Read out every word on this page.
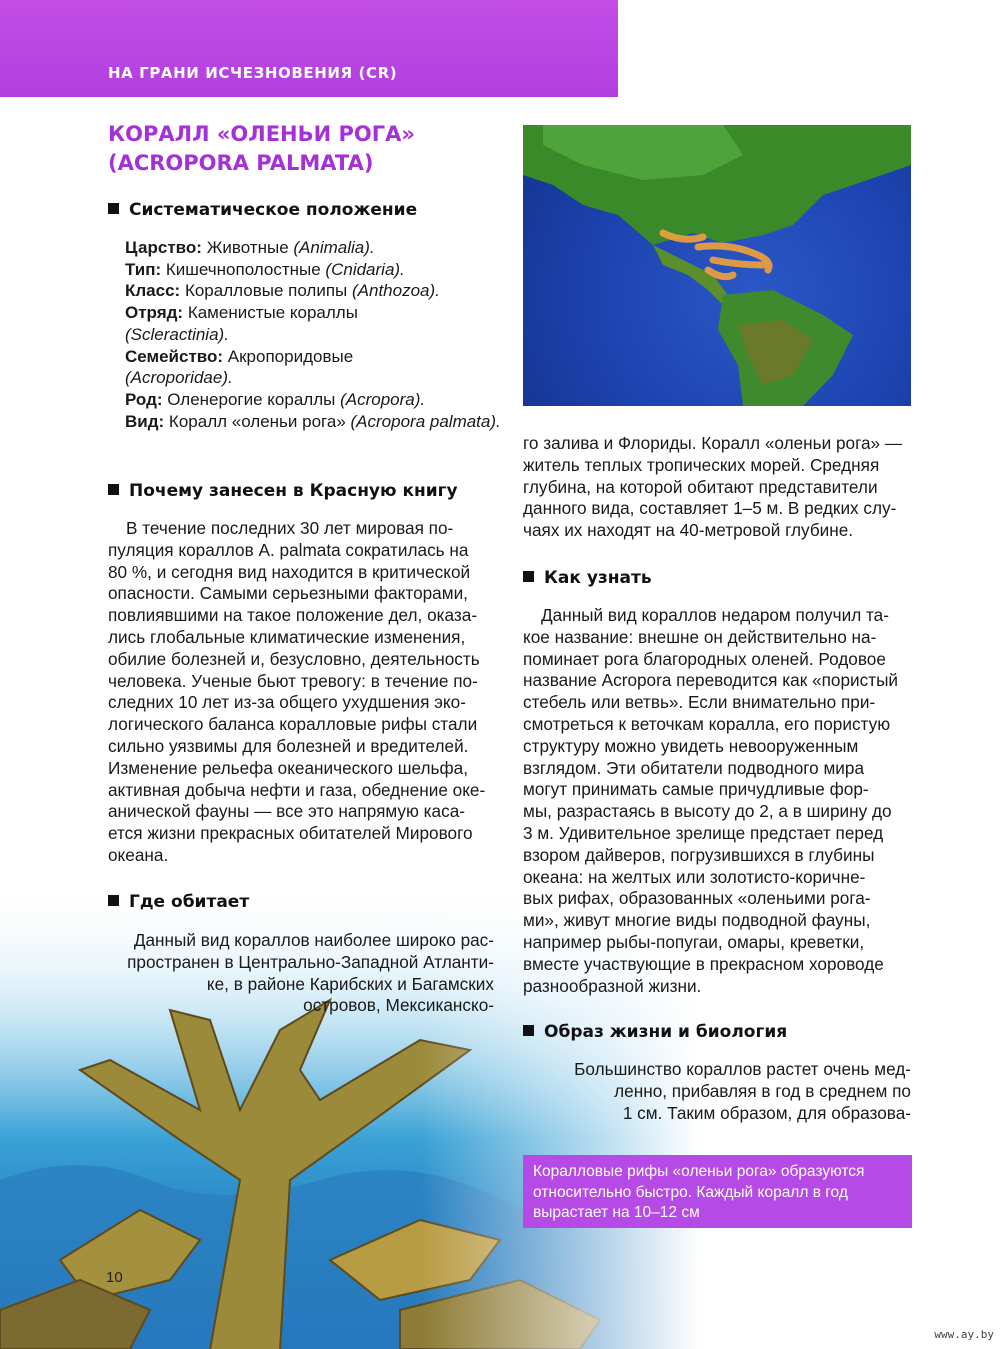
НА ГРАНИ ИСЧЕЗНОВЕНИЯ (CR)
КОРАЛЛ «ОЛЕНЬИ РОГА»
(ACROPORA PALMATA)
Систематическое положение
Царство: Животные (Animalia).
Тип: Кишечнополостные (Cnidaria).
Класс: Коралловые полипы (Anthozoa).
Отряд: Каменистые кораллы
(Scleractinia).
Семейство: Акропоридовые
(Acroporidae).
Род: Оленерогие кораллы (Acropora).
Вид: Коралл «оленьи рога» (Acropora palmata).
Почему занесен в Красную книгу
В течение последних 30 лет мировая по-
пуляция кораллов A. palmata сократилась на
80 %, и сегодня вид находится в критической
опасности. Самыми серьезными факторами,
повлиявшими на такое положение дел, оказа-
лись глобальные климатические изменения,
обилие болезней и, безусловно, деятельность
человека. Ученые бьют тревогу: в течение по-
следних 10 лет из-за общего ухудшения эко-
логического баланса коралловые рифы стали
сильно уязвимы для болезней и вредителей.
Изменение рельефа океанического шельфа,
активная добыча нефти и газа, обеднение оке-
анической фауны — все это напрямую каса-
ется жизни прекрасных обитателей Мирового
океана.
Где обитает
Данный вид кораллов наиболее широко рас-
пространен в Центрально-Западной Атланти-
ке, в районе Карибских и Багамских
островов, Мексиканско-
го залива и Флориды. Коралл «оленьи рога» —
житель теплых тропических морей. Средняя
глубина, на которой обитают представители
данного вида, составляет 1–5 м. В редких слу-
чаях их находят на 40-метровой глубине.
Как узнать
Данный вид кораллов недаром получил та-
кое название: внешне он действительно на-
поминает рога благородных оленей. Родовое
название Acropora переводится как «пористый
стебель или ветвь». Если внимательно при-
смотреться к веточкам коралла, его пористую
структуру можно увидеть невооруженным
взглядом. Эти обитатели подводного мира
могут принимать самые причудливые фор-
мы, разрастаясь в высоту до 2, а в ширину до
3 м. Удивительное зрелище предстает перед
взором дайверов, погрузившихся в глубины
океана: на желтых или золотисто-коричне-
вых рифах, образованных «оленьими рога-
ми», живут многие виды подводной фауны,
например рыбы-попугаи, омары, креветки,
вместе участвующие в прекрасном хороводе
разнообразной жизни.
Образ жизни и биология
Большинство кораллов растет очень мед-
ленно, прибавляя в год в среднем по
1 см. Таким образом, для образова-
Коралловые рифы «оленьи рога» образуются относительно быстро. Каждый коралл в год вырастает на 10–12 см
10
www.ay.by
